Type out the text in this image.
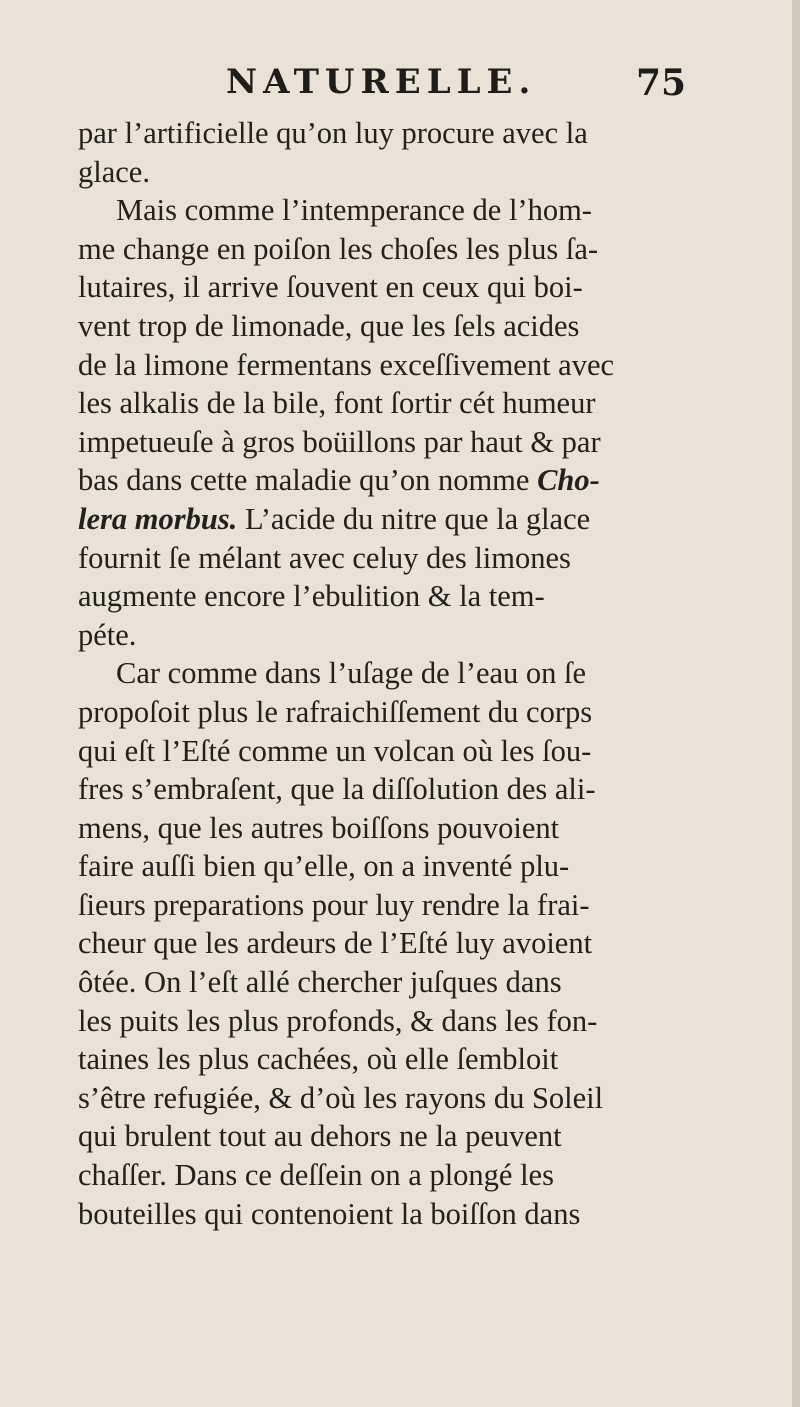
NATURELLE.	75
par l’artificielle qu’on luy procure avec la
glace.
Mais comme l’intemperance de l’hom-
me change en poiſon les choſes les plus ſa-
lutaires, il arrive ſouvent en ceux qui boi-
vent trop de limonade, que les ſels acides
de la limone fermentans exceſſivement avec
les alkalis de la bile, font ſortir cét humeur
impetueuſe à gros boüillons par haut & par
bas dans cette maladie qu’on nomme Cho-
lera morbus. L’acide du nitre que la glace
fournit ſe mélant avec celuy des limones
augmente encore l’ebulition & la tem-
péte.
Car comme dans l’uſage de l’eau on ſe
propoſoit plus le rafraichiſſement du corps
qui eſt l’Eſté comme un volcan où les ſou-
fres s’embraſent, que la diſſolution des ali-
mens, que les autres boiſſons pouvoient
faire auſſi bien qu’elle, on a inventé plu-
ſieurs preparations pour luy rendre la frai-
cheur que les ardeurs de l’Eſté luy avoient
ôtée. On l’eſt allé chercher juſques dans
les puits les plus profonds, & dans les fon-
taines les plus cachées, où elle ſembloit
s’être refugiée, & d’où les rayons du Soleil
qui brulent tout au dehors ne la peuvent
chaſſer. Dans ce deſſein on a plongé les
bouteilles qui contenoient la boiſſon dans
